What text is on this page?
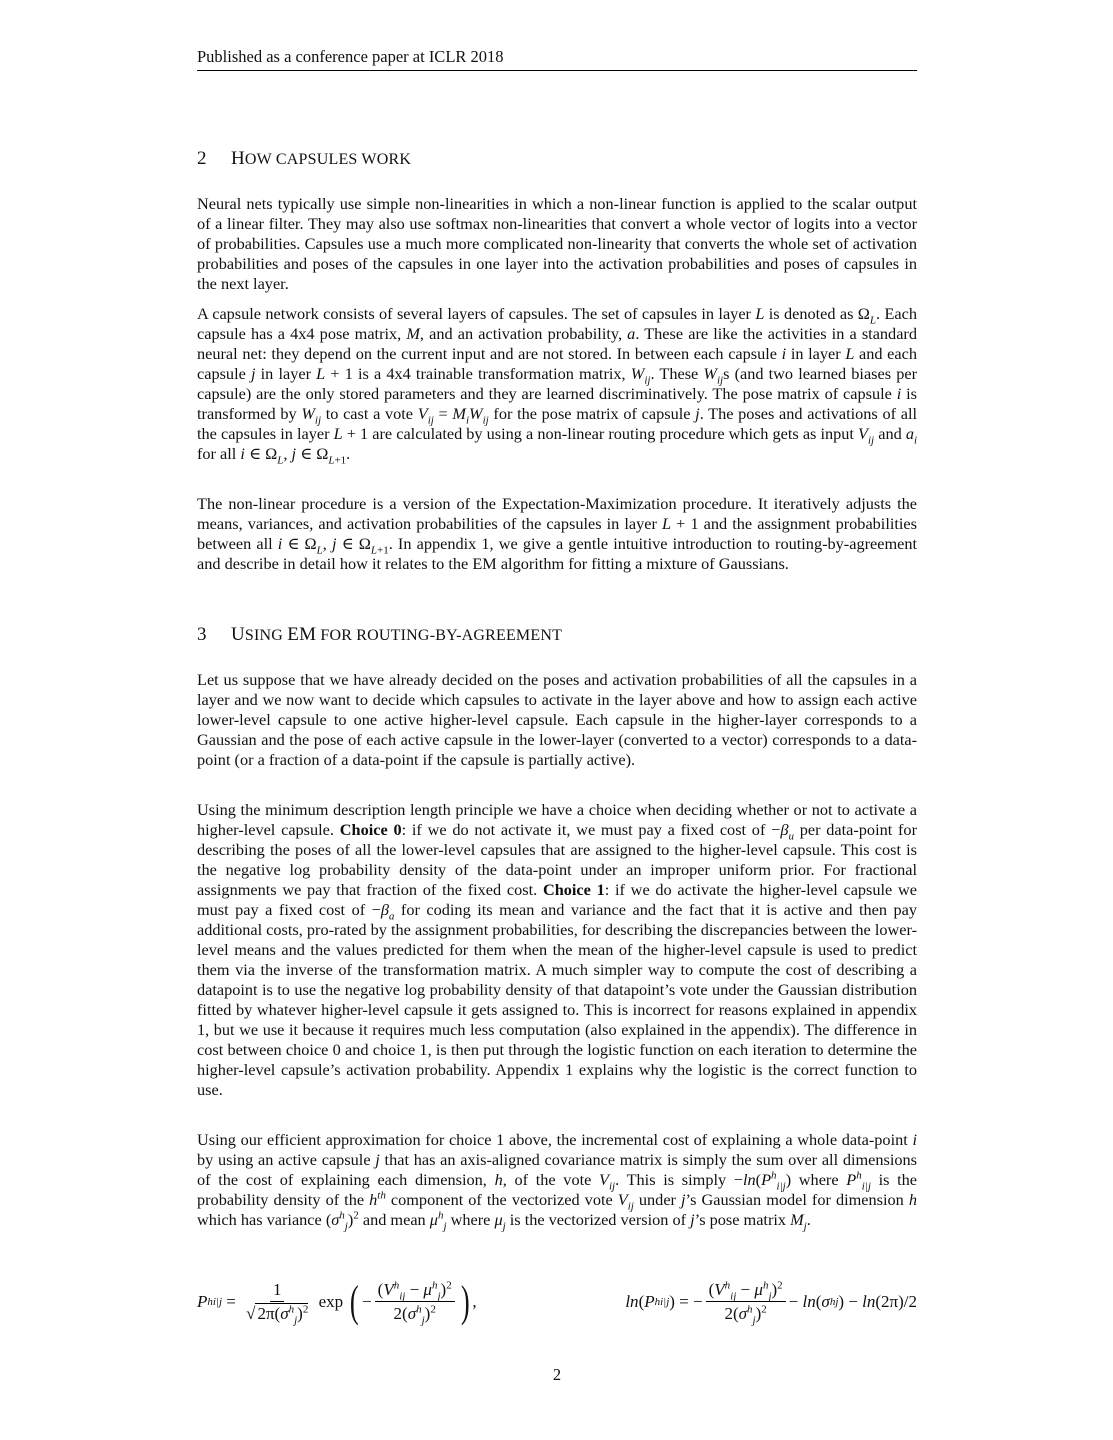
Published as a conference paper at ICLR 2018
2 HOW CAPSULES WORK

Neural nets typically use simple non-linearities in which a non-linear function is applied to the scalar output of a linear filter. They may also use softmax non-linearities that convert a whole vector of logits into a vector of probabilities. Capsules use a much more complicated non-linearity that converts the whole set of activation probabilities and poses of the capsules in one layer into the activation probabilities and poses of capsules in the next layer.

A capsule network consists of several layers of capsules. The set of capsules in layer L is denoted as $\Omega_L$. Each capsule has a 4x4 pose matrix, M, and an activation probability, a. These are like the activities in a standard neural net: they depend on the current input and are not stored. In between each capsule i in layer L and each capsule j in layer L + 1 is a 4x4 trainable transformation matrix, $W_{ij}$. These $W_{ij}s$ (and two learned biases per capsule) are the only stored parameters and they are learned discriminatively. The pose matrix of capsule i is transformed by $W_{ij}$ to cast a vote $V_{ij} = M_iW_{ij}$ for the pose matrix of capsule j. The poses and activations of all the capsules in layer L + 1 are calculated by using a non-linear routing procedure which gets as input $V_{ij}$ and $a_i$ for all i ∈ $\Omega_L$, j ∈ $\Omega_{L+1}$.

The non-linear procedure is a version of the Expectation-Maximization procedure. It iteratively adjusts the means, variances, and activation probabilities of the capsules in layer L + 1 and the assignment probabilities between all i ∈ $\Omega_L$, j ∈ $\Omega_{L+1}$. In appendix 1, we give a gentle intuitive introduction to routing-by-agreement and describe in detail how it relates to the EM algorithm for fitting a mixture of Gaussians.

3 USING EM FOR ROUTING-BY-AGREEMENT

Let us suppose that we have already decided on the poses and activation probabilities of all the capsules in a layer and we now want to decide which capsules to activate in the layer above and how to assign each active lower-level capsule to one active higher-level capsule. Each capsule in the higher-layer corresponds to a Gaussian and the pose of each active capsule in the lower-layer (converted to a vector) corresponds to a data-point (or a fraction of a data-point if the capsule is partially active).

Using the minimum description length principle we have a choice when deciding whether or not to activate a higher-level capsule. Choice 0: if we do not activate it, we must pay a fixed cost of $-\beta_u$ per data-point for describing the poses of all the lower-level capsules that are assigned to the higher-level capsule. This cost is the negative log probability density of the data-point under an improper uniform prior. For fractional assignments we pay that fraction of the fixed cost. Choice 1: if we do activate the higher-level capsule we must pay a fixed cost of $-\beta_a$ for coding its mean and variance and the fact that it is active and then pay additional costs, pro-rated by the assignment probabilities, for describing the discrepancies between the lower-level means and the values predicted for them when the mean of the higher-level capsule is used to predict them via the inverse of the transformation matrix. A much simpler way to compute the cost of describing a datapoint is to use the negative log probability density of that datapoint’s vote under the Gaussian distribution fitted by whatever higher-level capsule it gets assigned to. This is incorrect for reasons explained in appendix 1, but we use it because it requires much less computation (also explained in the appendix). The difference in cost between choice 0 and choice 1, is then put through the logistic function on each iteration to determine the higher-level capsule’s activation probability. Appendix 1 explains why the logistic is the correct function to use.

Using our efficient approximation for choice 1 above, the incremental cost of explaining a whole data-point i by using an active capsule j that has an axis-aligned covariance matrix is simply the sum over all dimensions of the cost of explaining each dimension, h, of the vote $V_{ij}$. This is simply $-\ln(P^h_{i|j})$ where $P^h_{i|j}$ is the probability density of the $h^{th}$ component of the vectorized vote $V_{ij}$ under j’s Gaussian model for dimension h which has variance $(\sigma^h_j)^2$ and mean $\mu^h_j$ where $\mu_j$ is the vectorized version of j’s pose matrix $M_j$.

P h $i|j = \frac{1}{√ 2\pi(\sigma^h_j)^2}$ exp ( − $\frac{(V^h_{ij} - \mu^h_j)^2}{2(\sigma^h_j)^2}$ ) ,	ln ( P h i|j ) = − $\frac{(V^h_{ij} - \mu^h_j)^2}{2(\sigma^h_j)^2} - \ln$ ( σ h j ) − ln (2π)/2
2
